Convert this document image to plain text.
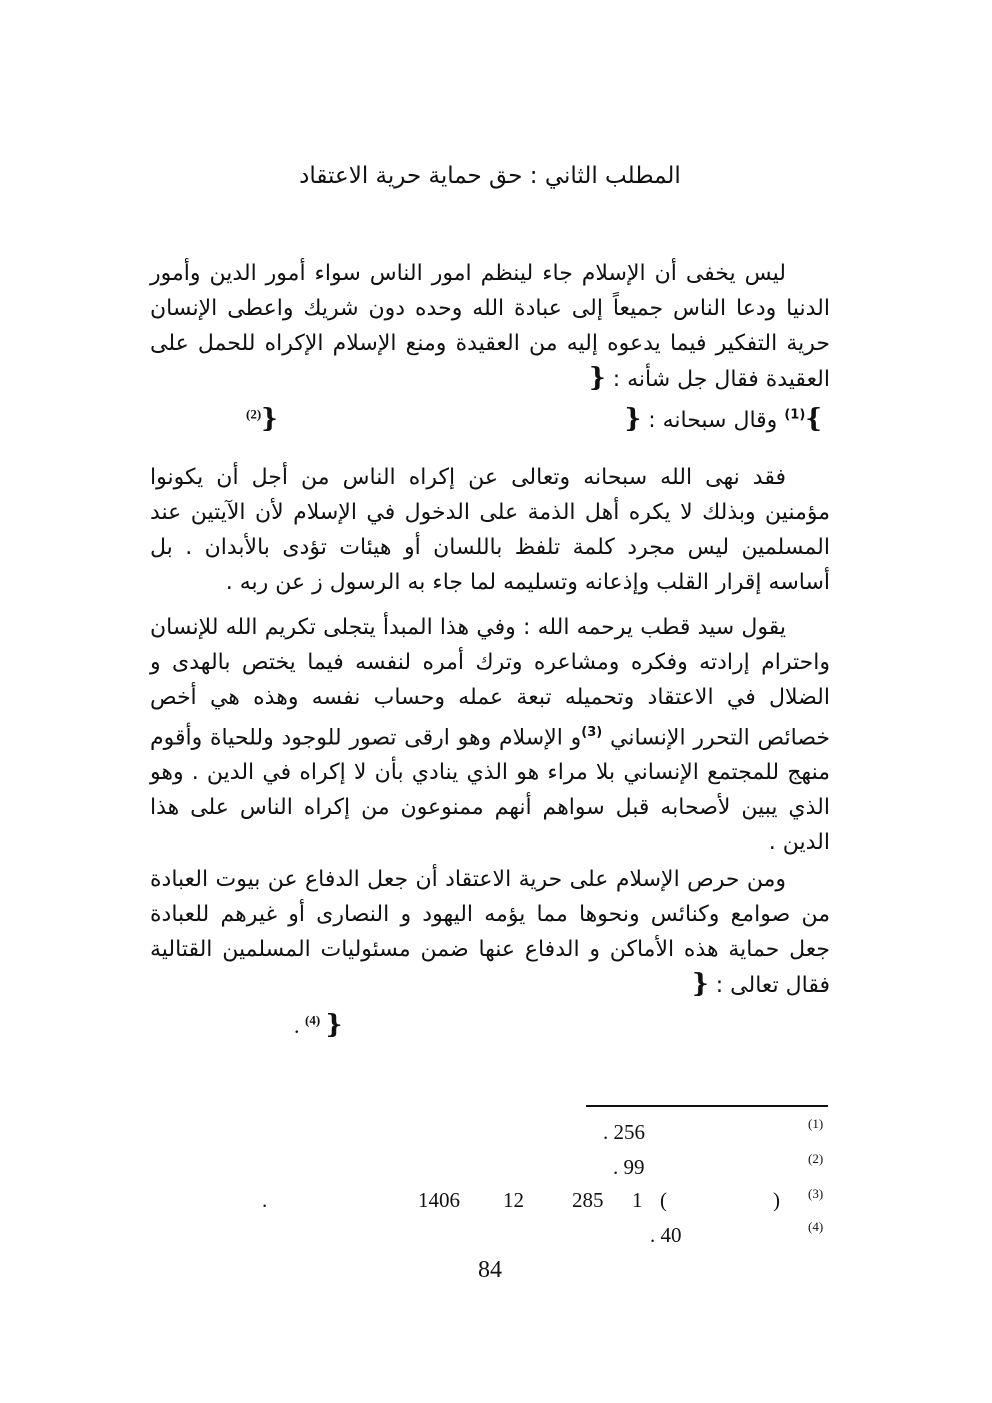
المطلب الثاني : حق حماية حرية الاعتقاد
ليس يخفى أن الإسلام جاء لينظم امور الناس سواء أمور الدين وأمور الدنيا ودعا الناس جميعاً إلى عبادة الله وحده دون شريك واعطى الإنسان حرية التفكير فيما يدعوه إليه من العقيدة ومنع الإسلام الإكراه للحمل على العقيدة فقال جل شأنه : {
}$^{(1)}$ وقال سبحانه : {
$^{(2)}$}
فقد نهى الله سبحانه وتعالى عن إكراه الناس من أجل أن يكونوا مؤمنين وبذلك لا يكره أهل الذمة على الدخول في الإسلام لأن الآيتين عند المسلمين ليس مجرد كلمة تلفظ باللسان أو هيئات تؤدى بالأبدان . بل أساسه إقرار القلب وإذعانه وتسليمه لما جاء به الرسول ز عن ربه .
يقول سيد قطب يرحمه الله : وفي هذا المبدأ يتجلى تكريم الله للإنسان واحترام إرادته وفكره ومشاعره وترك أمره لنفسه فيما يختص بالهدى و الضلال في الاعتقاد وتحميله تبعة عمله وحساب نفسه وهذه هي أخص خصائص التحرر الإنساني $^{(3)}$و الإسلام وهو ارقى تصور للوجود وللحياة وأقوم منهج للمجتمع الإنساني بلا مراء هو الذي ينادي بأن لا إكراه في الدين . وهو الذي يبين لأصحابه قبل سواهم أنهم ممنوعون من إكراه الناس على هذا الدين .
ومن حرص الإسلام على حرية الاعتقاد أن جعل الدفاع عن بيوت العبادة من صوامع وكنائس ونحوها مما يؤمه اليهود و النصارى أو غيرهم للعبادة جعل حماية هذه الأماكن و الدفاع عنها ضمن مسئوليات المسلمين القتالية فقال تعالى : {
. $^{(4)}$ }
(1)
. 256
(2)
. 99
(3)
)
(
1
285
12
1406
.
(4)
. 40
84
